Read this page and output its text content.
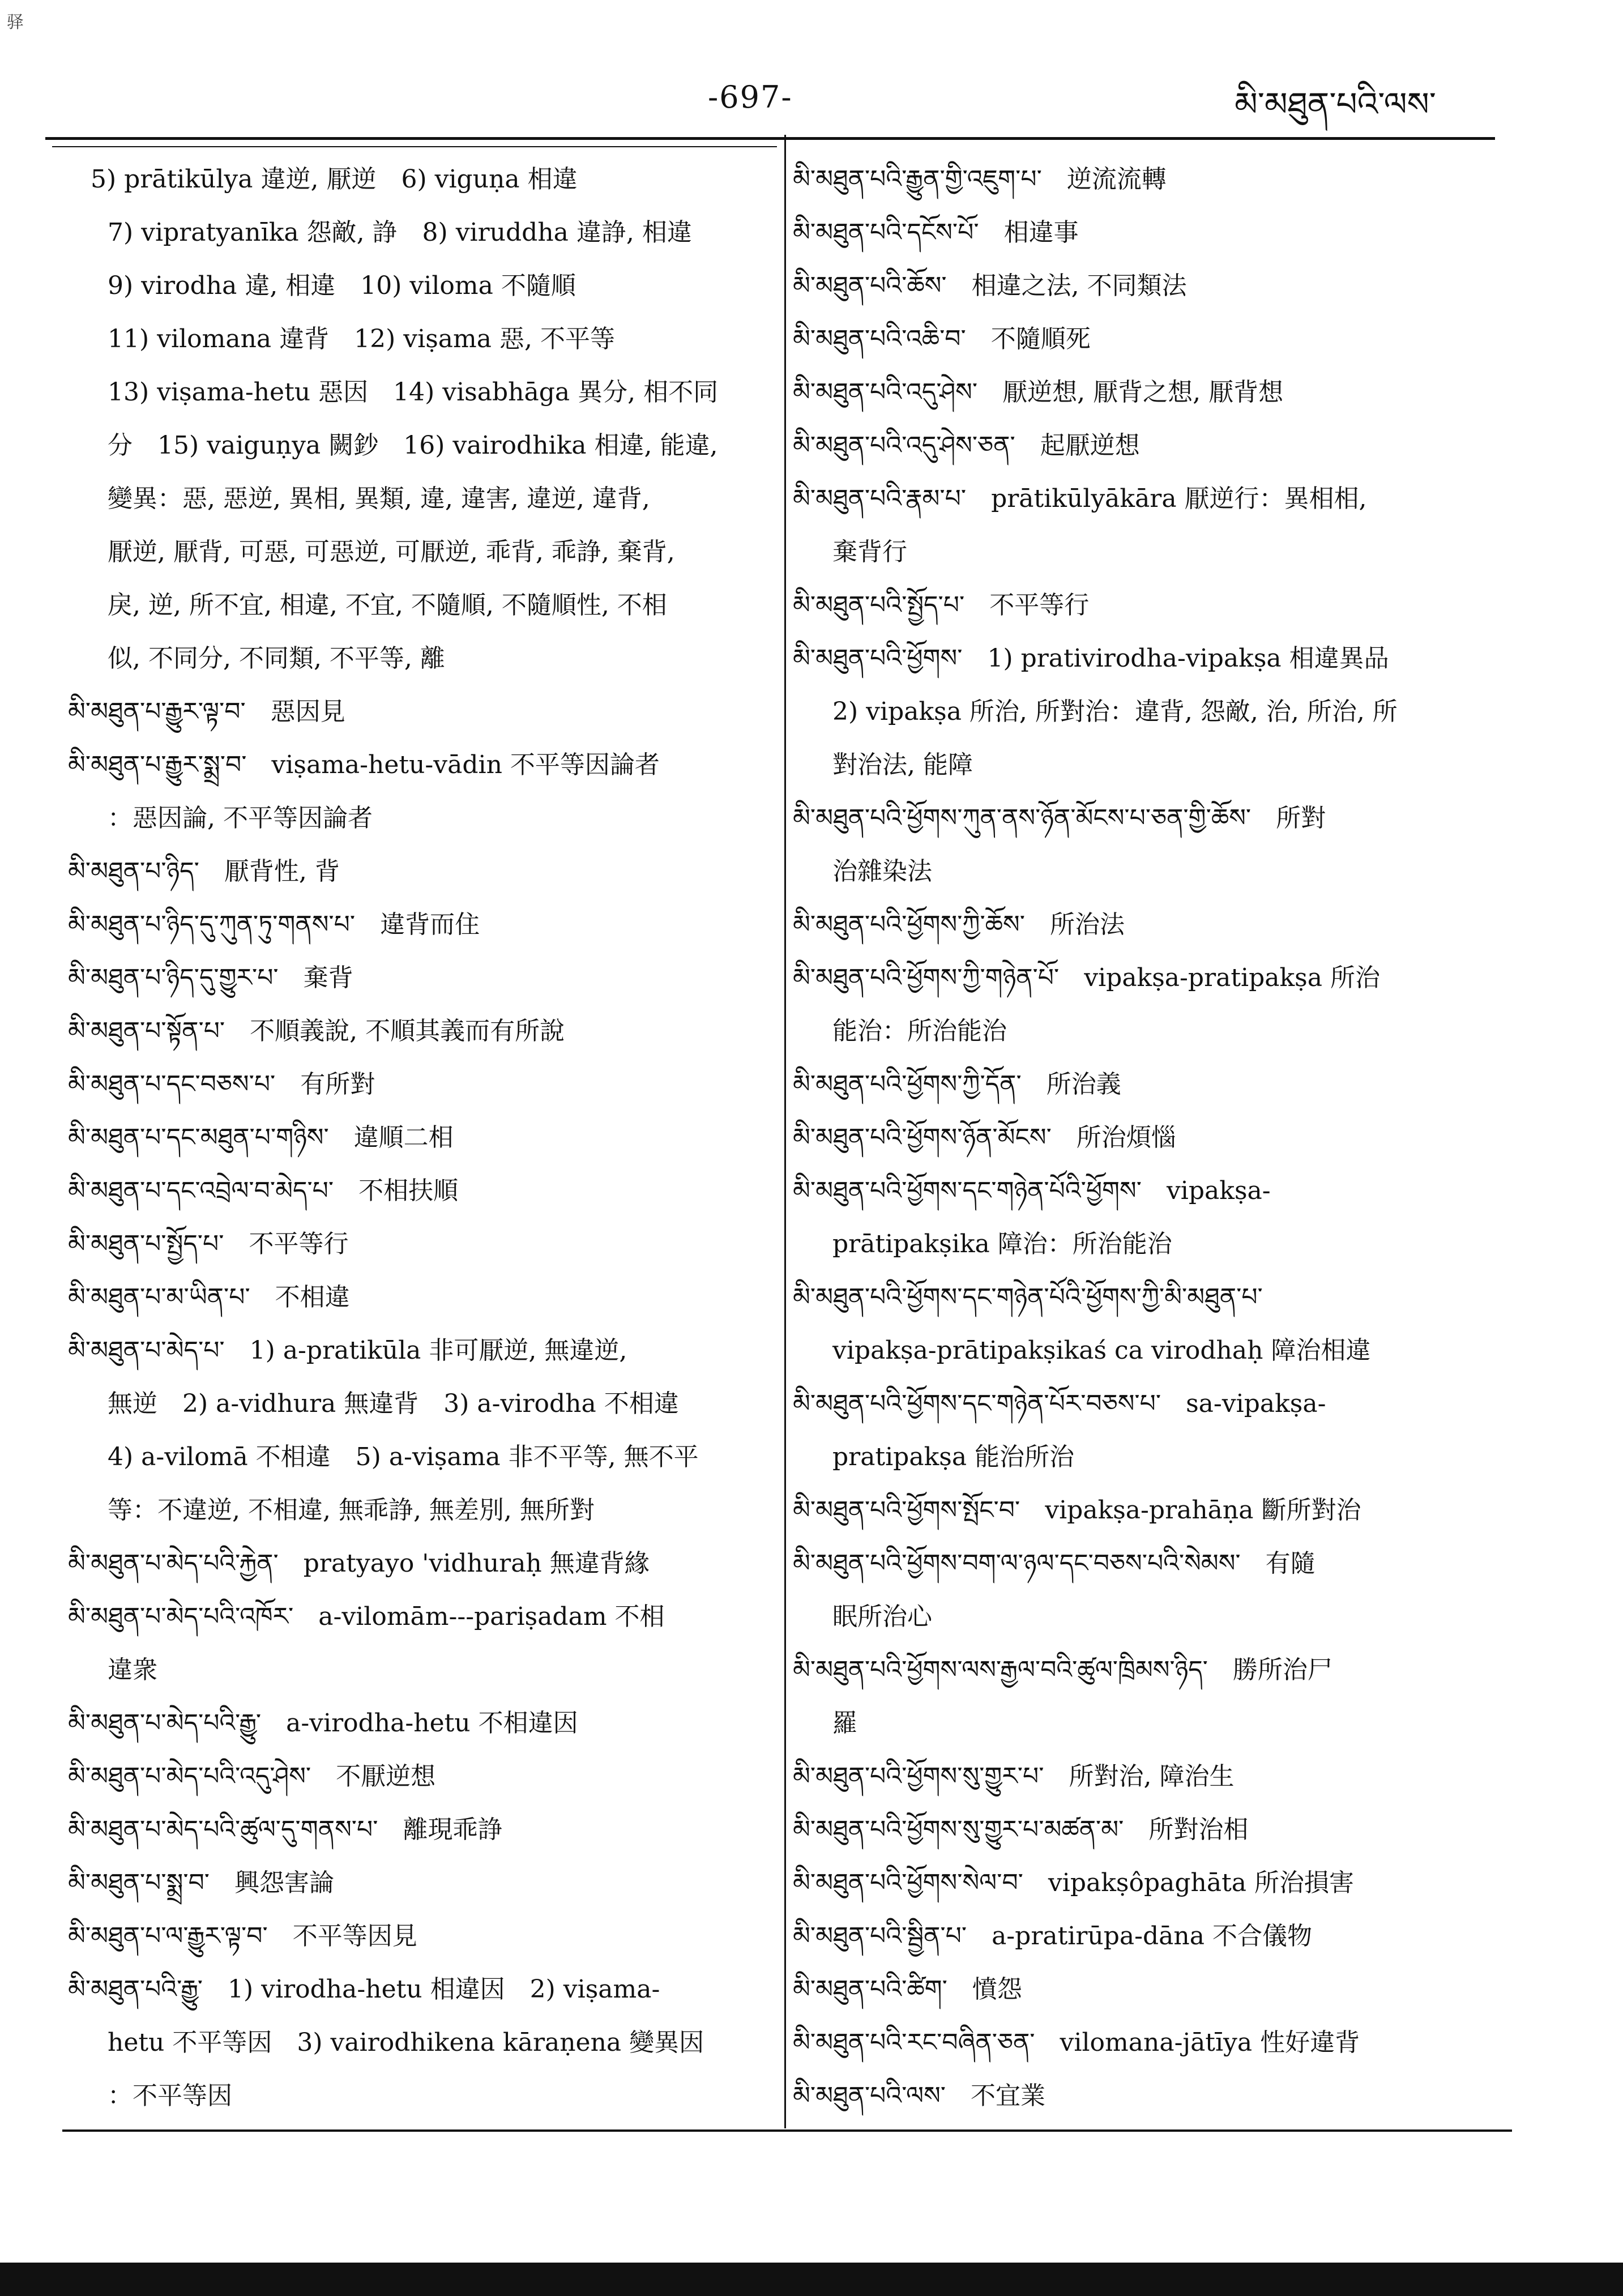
驿
-697-	མི་མཐུན་པའི་ལས་
5) prātikūlya 違逆, 厭逆　6) viguṇa 相違
7) vipratyanīka 怨敵, 諍　8) viruddha 違諍, 相違
9) virodha 違, 相違　10) viloma 不隨順
11) vilomana 違背　12) viṣama 惡, 不平等
13) viṣama-hetu 惡因　14) visabhāga 異分, 相不同
分　15) vaiguṇya 闕鈔　16) vairodhika 相違, 能違,
變異：惡, 惡逆, 異相, 異類, 違, 違害, 違逆, 違背,
厭逆, 厭背, 可惡, 可惡逆, 可厭逆, 乖背, 乖諍, 棄背,
戾, 逆, 所不宜, 相違, 不宜, 不隨順, 不隨順性, 不相
似, 不同分, 不同類, 不平等, 離
མི་མཐུན་པ་རྒྱུར་ལྟ་བ་　惡因見
མི་མཐུན་པ་རྒྱུར་སྨྲ་བ་　viṣama-hetu-vādin 不平等因論者
：惡因論, 不平等因論者
མི་མཐུན་པ་ཉིད་　厭背性, 背
མི་མཐུན་པ་ཉིད་དུ་ཀུན་ཏུ་གནས་པ་　違背而住
མི་མཐུན་པ་ཉིད་དུ་གྱུར་པ་　棄背
མི་མཐུན་པ་སྟོན་པ་　不順義說, 不順其義而有所說
མི་མཐུན་པ་དང་བཅས་པ་　有所對
མི་མཐུན་པ་དང་མཐུན་པ་གཉིས་　違順二相
མི་མཐུན་པ་དང་འབྲེལ་བ་མེད་པ་　不相扶順
མི་མཐུན་པ་སྤྱོད་པ་　不平等行
མི་མཐུན་པ་མ་ཡིན་པ་　不相違
མི་མཐུན་པ་མེད་པ་　1) a-pratikūla 非可厭逆, 無違逆,
無逆　2) a-vidhura 無違背　3) a-virodha 不相違
4) a-vilomā 不相違　5) a-viṣama 非不平等, 無不平
等：不違逆, 不相違, 無乖諍, 無差別, 無所對
མི་མཐུན་པ་མེད་པའི་རྐྱེན་　pratyayo 'vidhuraḥ 無違背緣
མི་མཐུན་པ་མེད་པའི་འཁོར་　a-vilomām---pariṣadam 不相
違衆
མི་མཐུན་པ་མེད་པའི་རྒྱུ་　a-virodha-hetu 不相違因
མི་མཐུན་པ་མེད་པའི་འདུ་ཤེས་　不厭逆想
མི་མཐུན་པ་མེད་པའི་ཚུལ་དུ་གནས་པ་　離現乖諍
མི་མཐུན་པ་སྨྲ་བ་　興怨害論
མི་མཐུན་པ་ལ་རྒྱུར་ལྟ་བ་　不平等因見
མི་མཐུན་པའི་རྒྱུ་　1) virodha-hetu 相違因　2) viṣama-
hetu 不平等因　3) vairodhikena kāraṇena 變異因
：不平等因
མི་མཐུན་པའི་རྒྱུན་གྱི་འཇུག་པ་　逆流流轉
མི་མཐུན་པའི་དངོས་པོ་　相違事
མི་མཐུན་པའི་ཆོས་　相違之法, 不同類法
མི་མཐུན་པའི་འཆི་བ་　不隨順死
མི་མཐུན་པའི་འདུ་ཤེས་　厭逆想, 厭背之想, 厭背想
མི་མཐུན་པའི་འདུ་ཤེས་ཅན་　起厭逆想
མི་མཐུན་པའི་རྣམ་པ་　prātikūlyākāra 厭逆行：異相相,
棄背行
མི་མཐུན་པའི་སྤྱོད་པ་　不平等行
མི་མཐུན་པའི་ཕྱོགས་　1) prativirodha-vipakṣa 相違異品
2) vipakṣa 所治, 所對治：違背, 怨敵, 治, 所治, 所
對治法, 能障
མི་མཐུན་པའི་ཕྱོགས་ཀུན་ནས་ཉོན་མོངས་པ་ཅན་གྱི་ཆོས་　所對
治雜染法
མི་མཐུན་པའི་ཕྱོགས་ཀྱི་ཆོས་　所治法
མི་མཐུན་པའི་ཕྱོགས་ཀྱི་གཉེན་པོ་　vipakṣa-pratipakṣa 所治
能治：所治能治
མི་མཐུན་པའི་ཕྱོགས་ཀྱི་དོན་　所治義
མི་མཐུན་པའི་ཕྱོགས་ཉོན་མོངས་　所治煩惱
མི་མཐུན་པའི་ཕྱོགས་དང་གཉེན་པོའི་ཕྱོགས་　vipakṣa-
prātipakṣika 障治：所治能治
མི་མཐུན་པའི་ཕྱོགས་དང་གཉེན་པོའི་ཕྱོགས་ཀྱི་མི་མཐུན་པ་
vipakṣa-prātipakṣikaś ca virodhaḥ 障治相違
མི་མཐུན་པའི་ཕྱོགས་དང་གཉེན་པོར་བཅས་པ་　sa-vipakṣa-
pratipakṣa 能治所治
མི་མཐུན་པའི་ཕྱོགས་སྤོང་བ་　vipakṣa-prahāṇa 斷所對治
མི་མཐུན་པའི་ཕྱོགས་བག་ལ་ཉལ་དང་བཅས་པའི་སེམས་　有隨
眠所治心
མི་མཐུན་པའི་ཕྱོགས་ལས་རྒྱལ་བའི་ཚུལ་ཁྲིམས་ཉིད་　勝所治尸
羅
མི་མཐུན་པའི་ཕྱོགས་སུ་གྱུར་པ་　所對治, 障治生
མི་མཐུན་པའི་ཕྱོགས་སུ་གྱུར་པ་མཚན་མ་　所對治相
མི་མཐུན་པའི་ཕྱོགས་སེལ་བ་　vipakṣôpaghāta 所治損害
མི་མཐུན་པའི་སྦྱིན་པ་　a-pratirūpa-dāna 不合儀物
མི་མཐུན་པའི་ཚིག་　憤怨
མི་མཐུན་པའི་རང་བཞིན་ཅན་　vilomana-jātīya 性好違背
མི་མཐུན་པའི་ལས་　不宜業
